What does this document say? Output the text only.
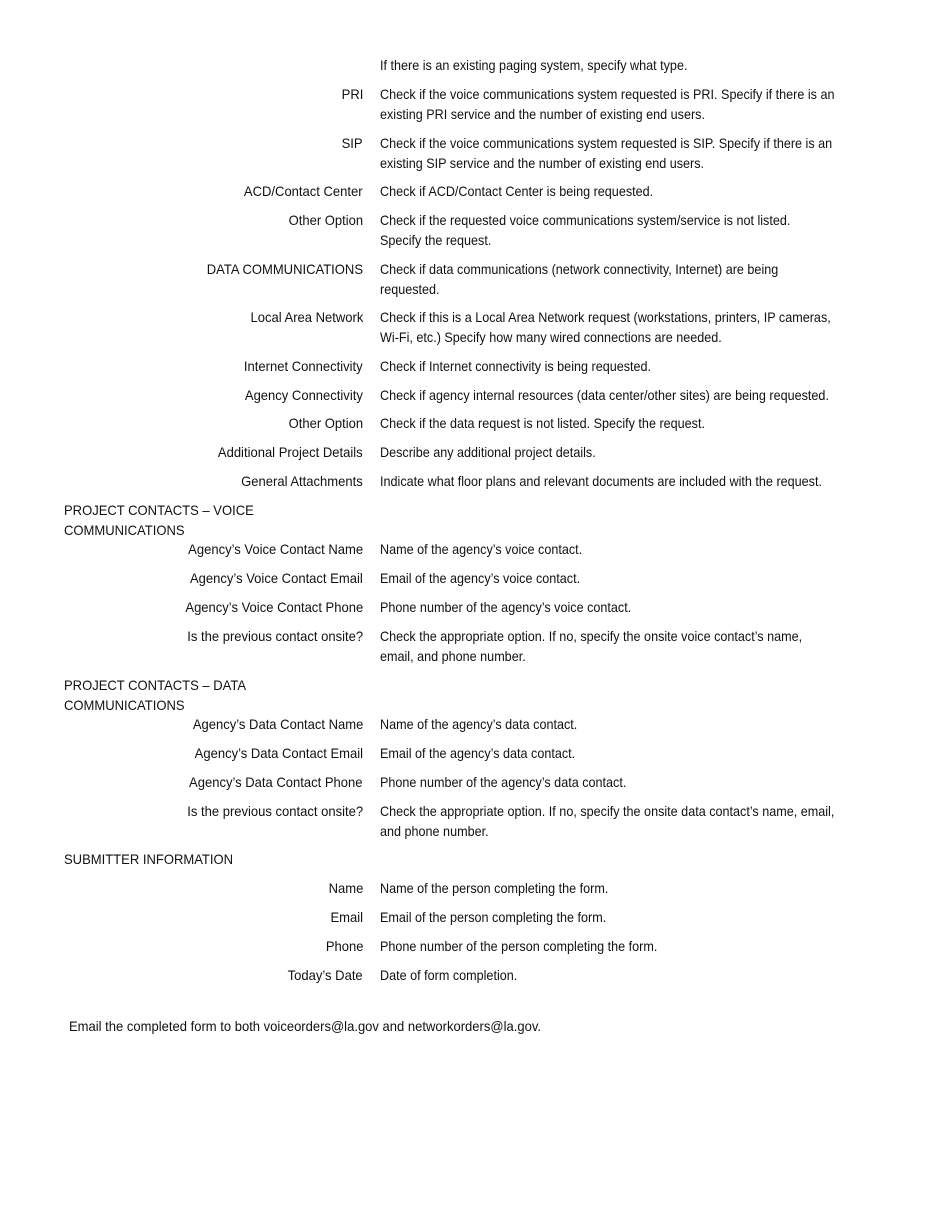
If there is an existing paging system, specify what type.
PRI Check if the voice communications system requested is PRI. Specify if there is an
existing PRI service and the number of existing end users.
SIP Check if the voice communications system requested is SIP. Specify if there is an
existing SIP service and the number of existing end users.
ACD/Contact Center Check if ACD/Contact Center is being requested.
Other Option Check if the requested voice communications system/service is not listed.
Specify the request.
DATA COMMUNICATIONS Check if data communications (network connectivity, Internet) are being
requested.
Local Area Network Check if this is a Local Area Network request (workstations, printers, IP cameras,
Wi-Fi, etc.) Specify how many wired connections are needed.
Internet Connectivity Check if Internet connectivity is being requested.
Agency Connectivity Check if agency internal resources (data center/other sites) are being requested.
Other Option Check if the data request is not listed. Specify the request.
Additional Project Details Describe any additional project details.
General Attachments Indicate what floor plans and relevant documents are included with the request.
PROJECT CONTACTS – VOICE
COMMUNICATIONS
Agency’s Voice Contact Name Name of the agency’s voice contact.
Agency’s Voice Contact Email Email of the agency’s voice contact.
Agency’s Voice Contact Phone Phone number of the agency’s voice contact.
Is the previous contact onsite? Check the appropriate option. If no, specify the onsite voice contact’s name,
email, and phone number.
PROJECT CONTACTS – DATA
COMMUNICATIONS
Agency’s Data Contact Name Name of the agency’s data contact.
Agency’s Data Contact Email Email of the agency’s data contact.
Agency’s Data Contact Phone Phone number of the agency’s data contact.
Is the previous contact onsite? Check the appropriate option. If no, specify the onsite data contact’s name, email,
and phone number.
SUBMITTER INFORMATION
Name Name of the person completing the form.
Email Email of the person completing the form.
Phone Phone number of the person completing the form.
Today’s Date Date of form completion.
Email the completed form to both voiceorders@la.gov and networkorders@la.gov.
